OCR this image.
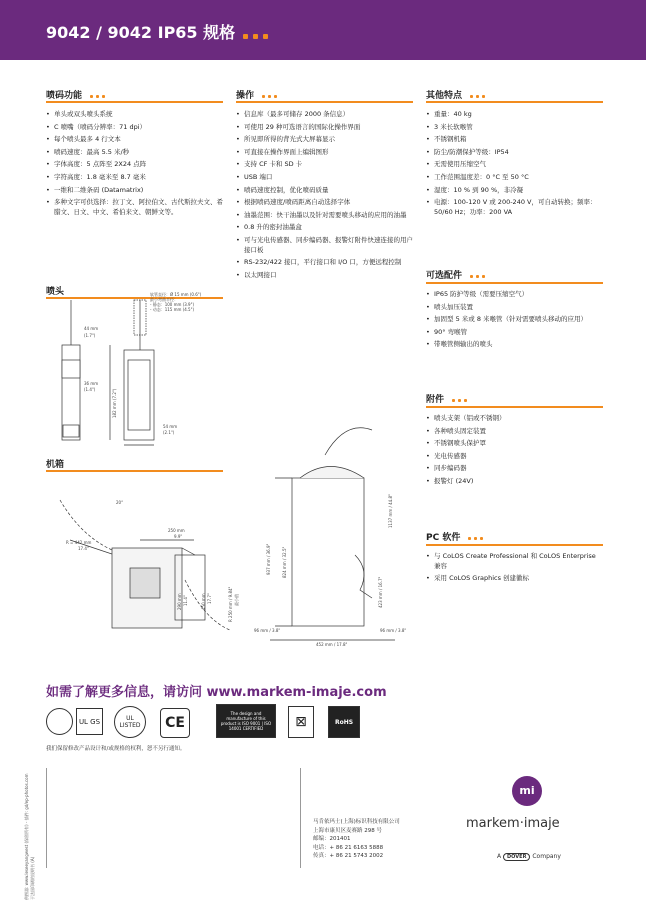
9042 / 9042 IP65 规格
喷码功能
• 单头或双头喷头系统
• C 喷嘴（喷码分辨率：71 dpi）
• 每个喷头最多 4 行文本
• 喷码速度：最高 5.5 米/秒
• 字体高度：5 点阵至 2X24 点阵
• 字符高度：1.8 毫米至 8.7 毫米
• 一维和二维条码 (Datamatrix)
• 多种文字可供选择：拉丁文、阿拉伯文、古代斯拉夫文、希腊文、日文、中文、希伯来文、朝鲜文等。
操作
• 信息库（最多可储存 2000 条信息）
• 可使用 29 种可选语言的国际化操作界面
• 所见即所得的背光式大屏幕显示
• 可直接在操作界面上编辑图形
• 支持 CF 卡和 SD 卡
• USB 端口
• 喷码速度控制，优化喷码质量
• 根据喷码速度/喷码距离自动选择字体
• 油墨范围：快干油墨以及针对需要喷头移动的应用的油墨
• 0.8 升的密封油墨盒
• 可与光电传感器、同步编码器、报警灯附件快速连接的用户接口板
• RS-232/422 接口，平行接口和 I/O 口，方便远程控制
• 以太网接口
其他特点
• 重量：40 kg
• 3 米长软喉管
• 不锈钢机箱
• 防尘/防潮保护等级：IP54
• 无需使用压缩空气
• 工作范围温度差：0 °C 至 50 °C
• 湿度：10 % 到 90 %，非冷凝
• 电源：100-120 V 或 200-240 V，可自动转换；频率：50/60 Hz；功率：200 VA
可选配件
• IP65 防护等级（需要压缩空气）
• 喷头加压装置
• 加固型 5 米或 8 米喉管（针对需要喷头移动的应用）
• 90° 弯喉管
• 带喉管侧输出的喷头
附件
• 喷头支架（铝或不锈钢）
• 各种喷头固定装置
• 不锈钢喷头保护罩
• 光电传感器
• 同步编码器
• 报警灯 (24V)
PC 软件
• 与 CoLOS Create Professional 和 CoLOS Enterprise 兼容
• 采用 CoLOS Graphics 创建徽标
喷头
机箱
44 mm
(1.7")
36 mm
(1.4")	182 mm (7.2")
54 mm
(2.1")
软管直径：Ø 15 mm (0.6")
最小弯曲半径：
- 静态：100 mm (3.9")
- 动态：115 mm (4.5")
20°
R = 442 mm
17.4"
250 mm
9.9"
290 mm 11.4"	450 mm 17.7"	R 250 mm / 9.84" 最小值
937 mm / 36.9"	824 mm / 32.5"
1137 mm / 44.8"
423 mm / 16.7"
96 mm / 3.8"	96 mm / 3.8"
452 mm / 17.8"
如需了解更多信息，请访问 www.markem-imaje.com
UL GS	UL LISTED	CE
The design and manufacture of this product is ISO 9001 | ISO 14001 CERTIFIED	⊠	RoHS
我们保留修改产品设计和/或规格的权利，恕不另行通知。
马肯依玛士(上海)标识科技有限公司
上海市康贝区麦赛路 298 号
邮编：201401
电话：+ 86 21 6163 5888
传真：+ 86 21 5743 2002
供图器: www.leseeyangwest (保留所有) - 插件: gd/ep-photos.com 于法国印刷的说明书 (A)
mi
markem·imaje
A DOVER Company
